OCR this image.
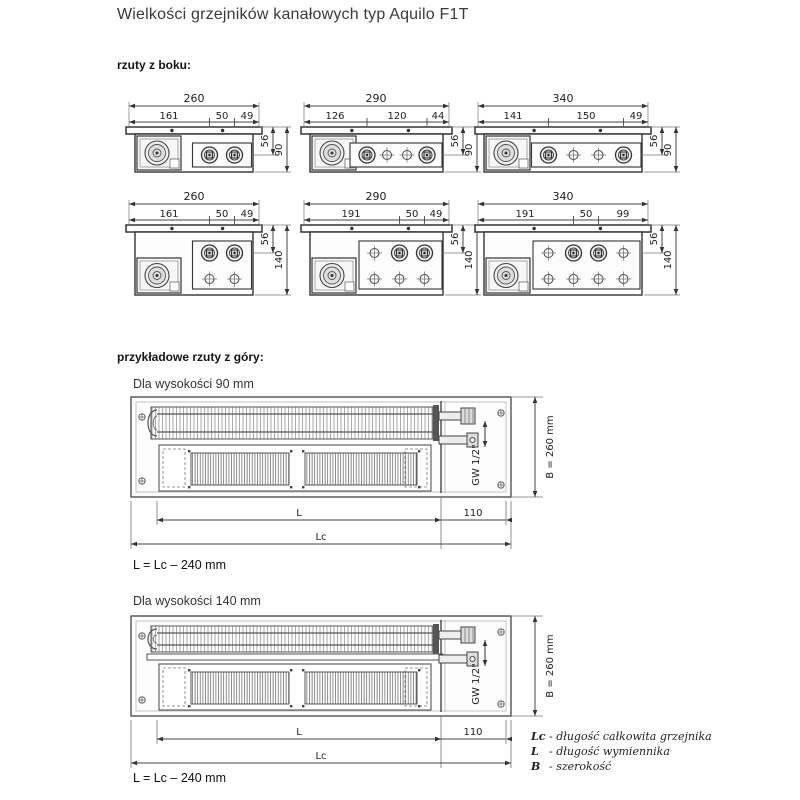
Wielkości grzejników kanałowych typ Aquilo F1T
rzuty z boku:
260
161	50 49
56
90
290
126	120	44
56
90
340
141	150	49
56
90
260
161	50 49
56
140
290
191	50 49
56
140
340
191	50 99
56
140
przykładowe rzuty z góry:
Dla wysokości 90 mm
L	110
Lc
B = 260 mm
GW 1/2"
L = Lc – 240 mm
Dla wysokości 140 mm
L	110
Lc
B = 260 mm
GW 1/2"
Lc - długość całkowita grzejnika
L - długość wymiennika
B - szerokość
L = Lc – 240 mm
